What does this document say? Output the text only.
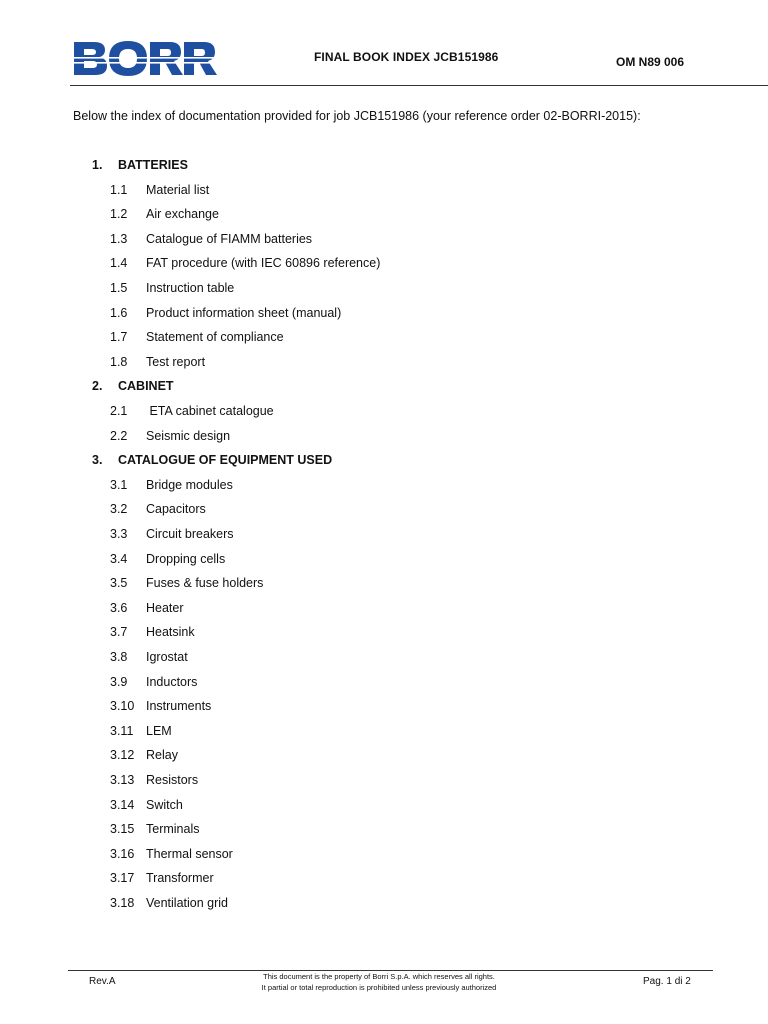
BORRI
FINAL BOOK INDEX JCB151986	OM N89 006
Below the index of documentation provided for job JCB151986 (your reference order 02-BORRI-2015):
1. BATTERIES
1.1 Material list
1.2 Air exchange
1.3 Catalogue of FIAMM batteries
1.4 FAT procedure (with IEC 60896 reference)
1.5 Instruction table
1.6 Product information sheet (manual)
1.7 Statement of compliance
1.8 Test report
2. CABINET
2.1 ETA cabinet catalogue
2.2 Seismic design
3. CATALOGUE OF EQUIPMENT USED
3.1 Bridge modules
3.2 Capacitors
3.3 Circuit breakers
3.4 Dropping cells
3.5 Fuses & fuse holders
3.6 Heater
3.7 Heatsink
3.8 Igrostat
3.9 Inductors
3.10 Instruments
3.11 LEM
3.12 Relay
3.13 Resistors
3.14 Switch
3.15 Terminals
3.16 Thermal sensor
3.17 Transformer
3.18 Ventilation grid
Rev.A	This document is the property of Borri S.p.A. which reserves all rights.
It partial or total reproduction is prohibited unless previously authorized
Pag. 1 di 2
